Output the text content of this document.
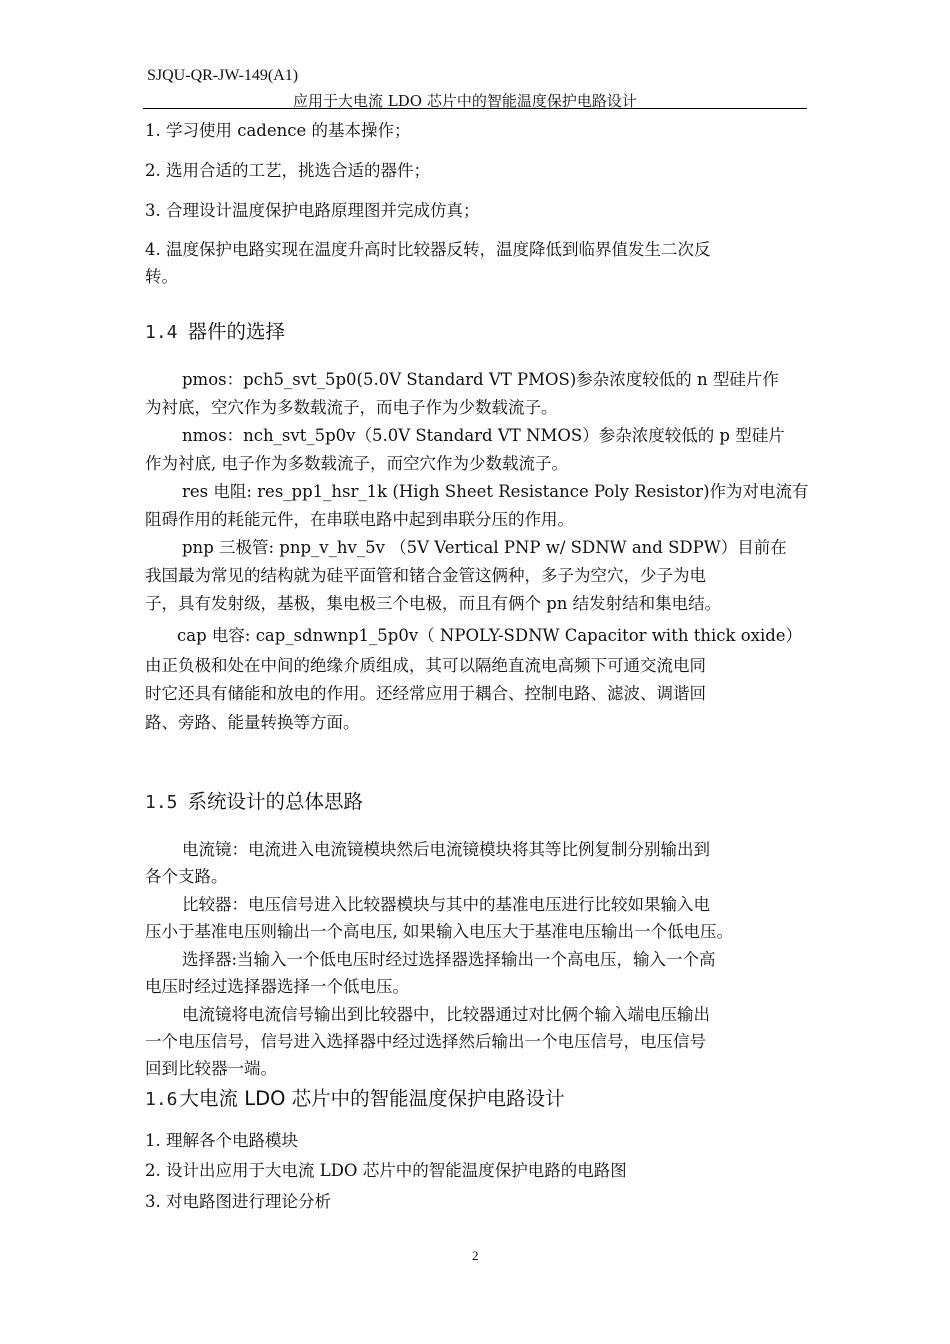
SJQU-QR-JW-149(A1)
应用于大电流 LDO 芯片中的智能温度保护电路设计
1. 学习使用 cadence 的基本操作；
2. 选用合适的工艺，挑选合适的器件；
3. 合理设计温度保护电路原理图并完成仿真；
4. 温度保护电路实现在温度升高时比较器反转，温度降低到临界值发生二次反
转。
1.4 器件的选择
pmos：pch5_svt_5p0(5.0V Standard VT PMOS)参杂浓度较低的 n 型硅片作
为衬底，空穴作为多数载流子，而电子作为少数载流子。
nmos：nch_svt_5p0v（5.0V Standard VT NMOS）参杂浓度较低的 p 型硅片
作为衬底, 电子作为多数载流子，而空穴作为少数载流子。
res 电阻: res_pp1_hsr_1k (High Sheet Resistance Poly Resistor)作为对电流有
阻碍作用的耗能元件，在串联电路中起到串联分压的作用。
pnp 三极管: pnp_v_hv_5v （5V Vertical PNP w/ SDNW and SDPW）目前在
我国最为常见的结构就为硅平面管和锗合金管这俩种，多子为空穴，少子为电
子，具有发射级，基极，集电极三个电极，而且有俩个 pn 结发射结和集电结。
cap 电容: cap_sdnwnp1_5p0v（ NPOLY-SDNW Capacitor with thick oxide）
由正负极和处在中间的绝缘介质组成，其可以隔绝直流电高频下可通交流电同
时它还具有储能和放电的作用。还经常应用于耦合、控制电路、滤波、调谐回
路、旁路、能量转换等方面。
1.5 系统设计的总体思路
电流镜：电流进入电流镜模块然后电流镜模块将其等比例复制分别输出到
各个支路。
比较器：电压信号进入比较器模块与其中的基准电压进行比较如果输入电
压小于基准电压则输出一个高电压, 如果输入电压大于基准电压输出一个低电压。
选择器:当输入一个低电压时经过选择器选择输出一个高电压，输入一个高
电压时经过选择器选择一个低电压。
电流镜将电流信号输出到比较器中，比较器通过对比俩个输入端电压输出
一个电压信号，信号进入选择器中经过选择然后输出一个电压信号，电压信号
回到比较器一端。
1.6 大电流 LDO 芯片中的智能温度保护电路设计
1. 理解各个电路模块
2. 设计出应用于大电流 LDO 芯片中的智能温度保护电路的电路图
3. 对电路图进行理论分析
2
